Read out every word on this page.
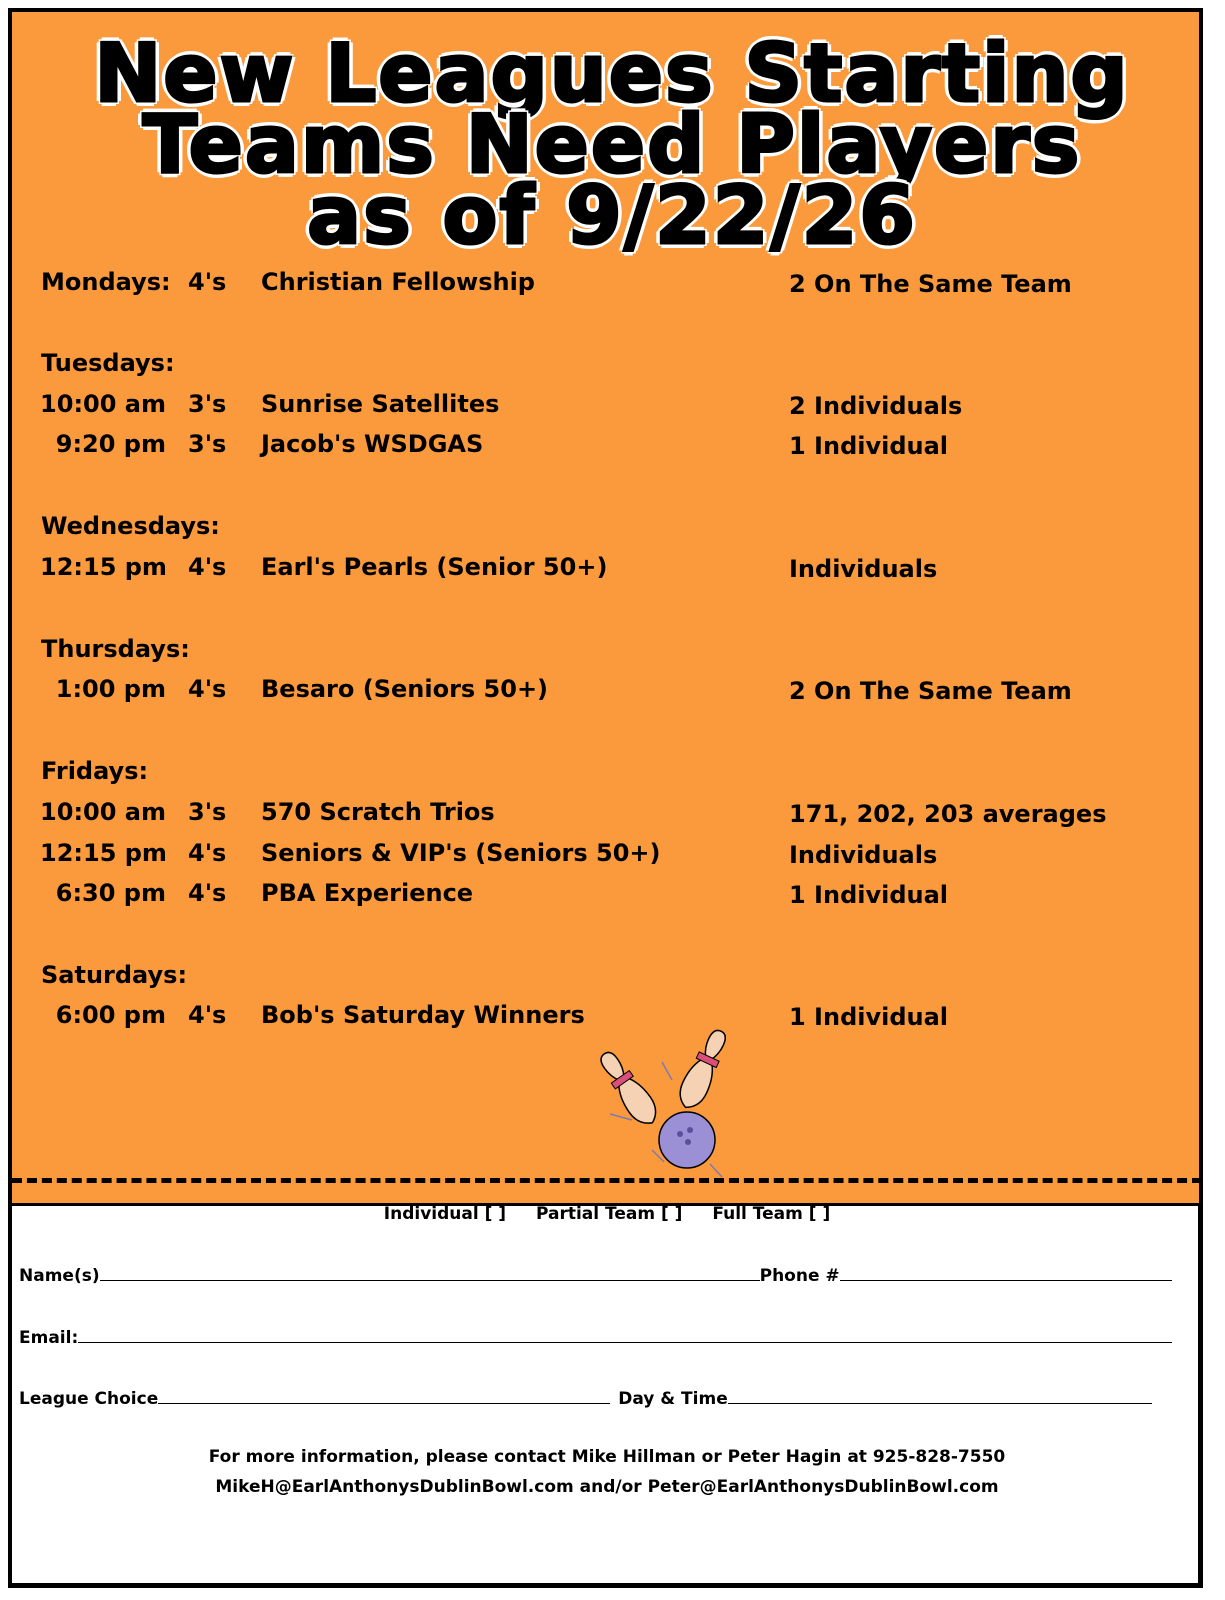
New Leagues Starting
Teams Need Players
as of 9/22/26
Mondays: 4's Christian Fellowship	2 On The Same Team
Tuesdays:
10:00 am 3's Sunrise Satellites	2 Individuals
9:20 pm 3's Jacob's WSDGAS	1 Individual
Wednesdays:
12:15 pm 4's Earl's Pearls (Senior 50+)	Individuals
Thursdays:
1:00 pm 4's Besaro (Seniors 50+)	2 On The Same Team
Fridays:
10:00 am 3's 570 Scratch Trios	171, 202, 203 averages
12:15 pm 4's Seniors & VIP's (Seniors 50+)	Individuals
6:30 pm 4's PBA Experience	1 Individual
Saturdays:
6:00 pm 4's Bob's Saturday Winners	1 Individual
Individual [ ] Partial Team [ ] Full Team [ ]
Name(s)	Phone #
Email:
League Choice	Day & Time
For more information, please contact Mike Hillman or Peter Hagin at 925-828-7550
MikeH@EarlAnthonysDublinBowl.com and/or Peter@EarlAnthonysDublinBowl.com
